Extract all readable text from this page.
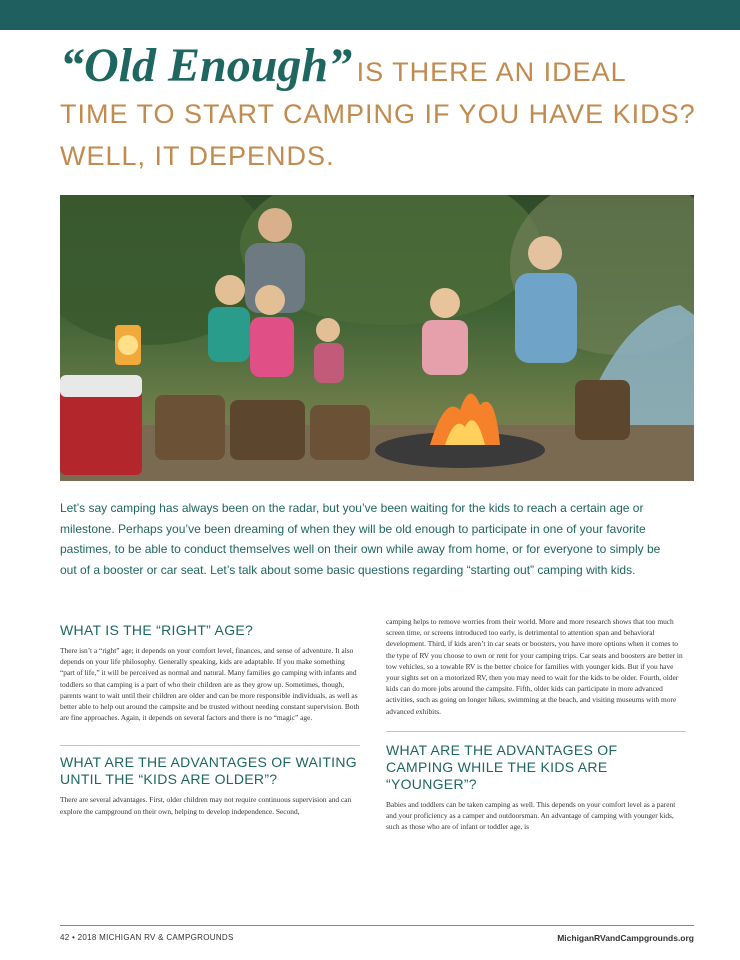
“Old Enough” IS THERE AN IDEAL TIME TO START CAMPING IF YOU HAVE KIDS? WELL, IT DEPENDS.
Let’s say camping has always been on the radar, but you’ve been waiting for the kids to reach a certain age or milestone. Perhaps you’ve been dreaming of when they will be old enough to participate in one of your favorite pastimes, to be able to conduct themselves well on their own while away from home, or for everyone to simply be out of a booster or car seat. Let’s talk about some basic questions regarding “starting out” camping with kids.
WHAT IS THE “RIGHT” AGE?
There isn’t a “right” age; it depends on your comfort level, finances, and sense of adventure. It also depends on your life philosophy. Generally speaking, kids are adaptable. If you make something “part of life,” it will be perceived as normal and natural. Many families go camping with infants and toddlers so that camping is a part of who their children are as they grow up. Sometimes, though, parents want to wait until their children are older and can be more responsible individuals, as well as better able to help out around the campsite and be trusted without needing constant supervision. Both are fine approaches. Again, it depends on several factors and there is no “magic” age.
WHAT ARE THE ADVANTAGES OF WAITING UNTIL THE “KIDS ARE OLDER”?
There are several advantages. First, older children may not require continuous supervision and can explore the campground on their own, helping to develop independence. Second,
camping helps to remove worries from their world. More and more research shows that too much screen time, or screens introduced too early, is detrimental to attention span and behavioral development. Third, if kids aren’t in car seats or boosters, you have more options when it comes to the type of RV you choose to own or rent for your camping trips. Car seats and boosters are better in tow vehicles, so a towable RV is the better choice for families with younger kids. But if you have your sights set on a motorized RV, then you may need to wait for the kids to be older. Fourth, older kids can do more jobs around the campsite. Fifth, older kids can participate in more advanced activities, such as going on longer hikes, swimming at the beach, and visiting museums with more advanced exhibits.
WHAT ARE THE ADVANTAGES OF CAMPING WHILE THE KIDS ARE “YOUNGER”?
Babies and toddlers can be taken camping as well. This depends on your comfort level as a parent and your proficiency as a camper and outdoorsman. An advantage of camping with younger kids, such as those who are of infant or toddler age, is
42 • 2018 MICHIGAN RV & CAMPGROUNDS	MichiganRVandCampgrounds.org
